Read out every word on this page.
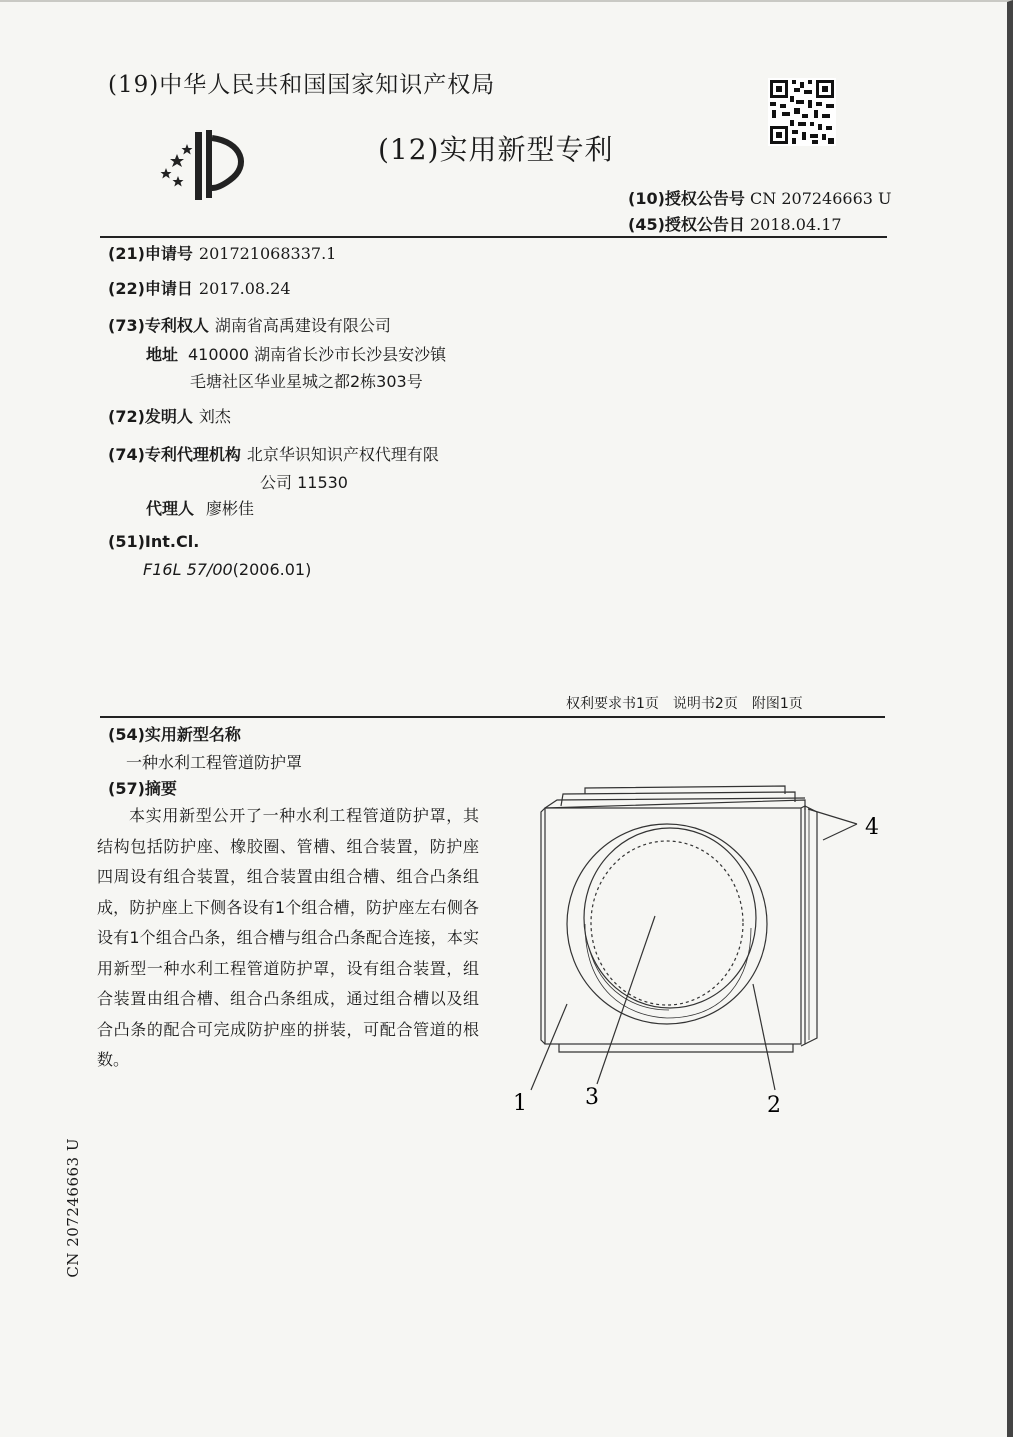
(19)中华人民共和国国家知识产权局
(12)实用新型专利
(10)授权公告号 CN 207246663 U
(45)授权公告日 2018.04.17
(21)申请号 201721068337.1
(22)申请日 2017.08.24
(73)专利权人 湖南省高禹建设有限公司
地址 410000 湖南省长沙市长沙县安沙镇
毛塘社区华业星城之都2栋303号
(72)发明人 刘杰
(74)专利代理机构 北京华识知识产权代理有限
公司 11530
代理人 廖彬佳
(51)Int.Cl.
F16L 57/00(2006.01)
权利要求书1页　说明书2页　附图1页
(54)实用新型名称
一种水利工程管道防护罩
(57)摘要

本实用新型公开了一种水利工程管道防护罩，其结构包括防护座、橡胶圈、管槽、组合装置，防护座四周设有组合装置，组合装置由组合槽、组合凸条组成，防护座上下侧各设有1个组合槽，防护座左右侧各设有1个组合凸条，组合槽与组合凸条配合连接，本实用新型一种水利工程管道防护罩，设有组合装置，组合装置由组合槽、组合凸条组成，通过组合槽以及组合凸条的配合可完成防护座的拼装，可配合管道的根数。

4
1	3	2
CN 207246663 U
